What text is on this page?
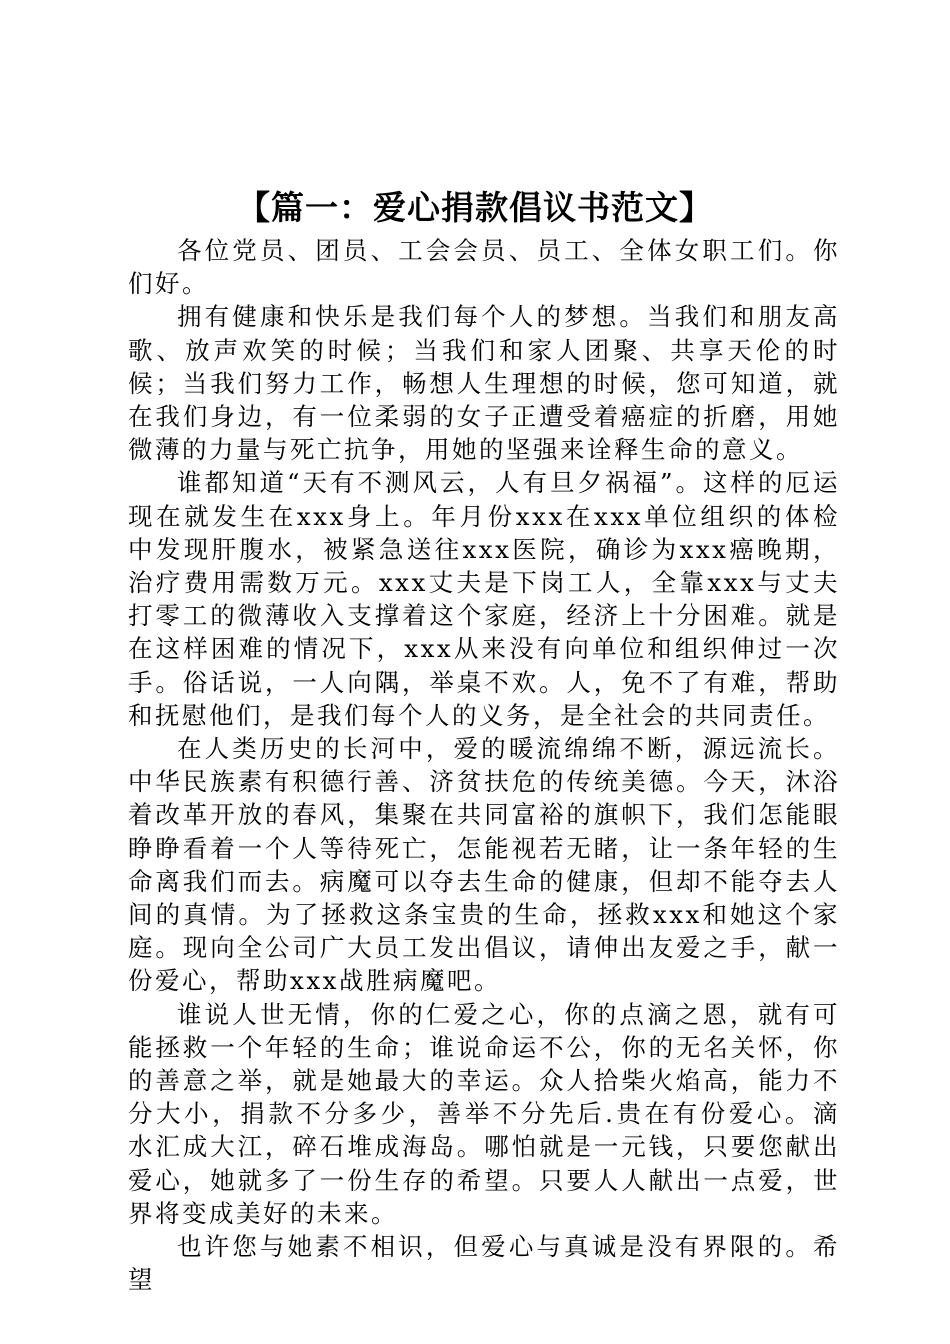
【篇一：爱心捐款倡议书范文】

各位党员、团员、工会会员、员工、全体女职工们。你们好。

拥有健康和快乐是我们每个人的梦想。当我们和朋友高歌、放声欢笑的时候；当我们和家人团聚、共享天伦的时候；当我们努力工作，畅想人生理想的时候，您可知道，就在我们身边，有一位柔弱的女子正遭受着癌症的折磨，用她微薄的力量与死亡抗争，用她的坚强来诠释生命的意义。

谁都知道“天有不测风云，人有旦夕祸福”。这样的厄运现在就发生在xxx身上。年月份xxx在xxx单位组织的体检中发现肝腹水，被紧急送往xxx医院，确诊为xxx癌晚期，治疗费用需数万元。xxx丈夫是下岗工人，全靠xxx与丈夫打零工的微薄收入支撑着这个家庭，经济上十分困难。就是在这样困难的情况下，xxx从来没有向单位和组织伸过一次手。俗话说，一人向隅，举桌不欢。人，免不了有难，帮助和抚慰他们，是我们每个人的义务，是全社会的共同责任。

在人类历史的长河中，爱的暖流绵绵不断，源远流长。中华民族素有积德行善、济贫扶危的传统美德。今天，沐浴着改革开放的春风，集聚在共同富裕的旗帜下，我们怎能眼睁睁看着一个人等待死亡，怎能视若无睹，让一条年轻的生命离我们而去。病魔可以夺去生命的健康，但却不能夺去人间的真情。为了拯救这条宝贵的生命，拯救xxx和她这个家庭。现向全公司广大员工发出倡议，请伸出友爱之手，献一份爱心，帮助xxx战胜病魔吧。

谁说人世无情，你的仁爱之心，你的点滴之恩，就有可能拯救一个年轻的生命；谁说命运不公，你的无名关怀，你的善意之举，就是她最大的幸运。众人拾柴火焰高，能力不分大小，捐款不分多少，善举不分先后.贵在有份爱心。滴水汇成大江，碎石堆成海岛。哪怕就是一元钱，只要您献出爱心，她就多了一份生存的希望。只要人人献出一点爱，世界将变成美好的未来。

也许您与她素不相识，但爱心与真诚是没有界限的。希望
